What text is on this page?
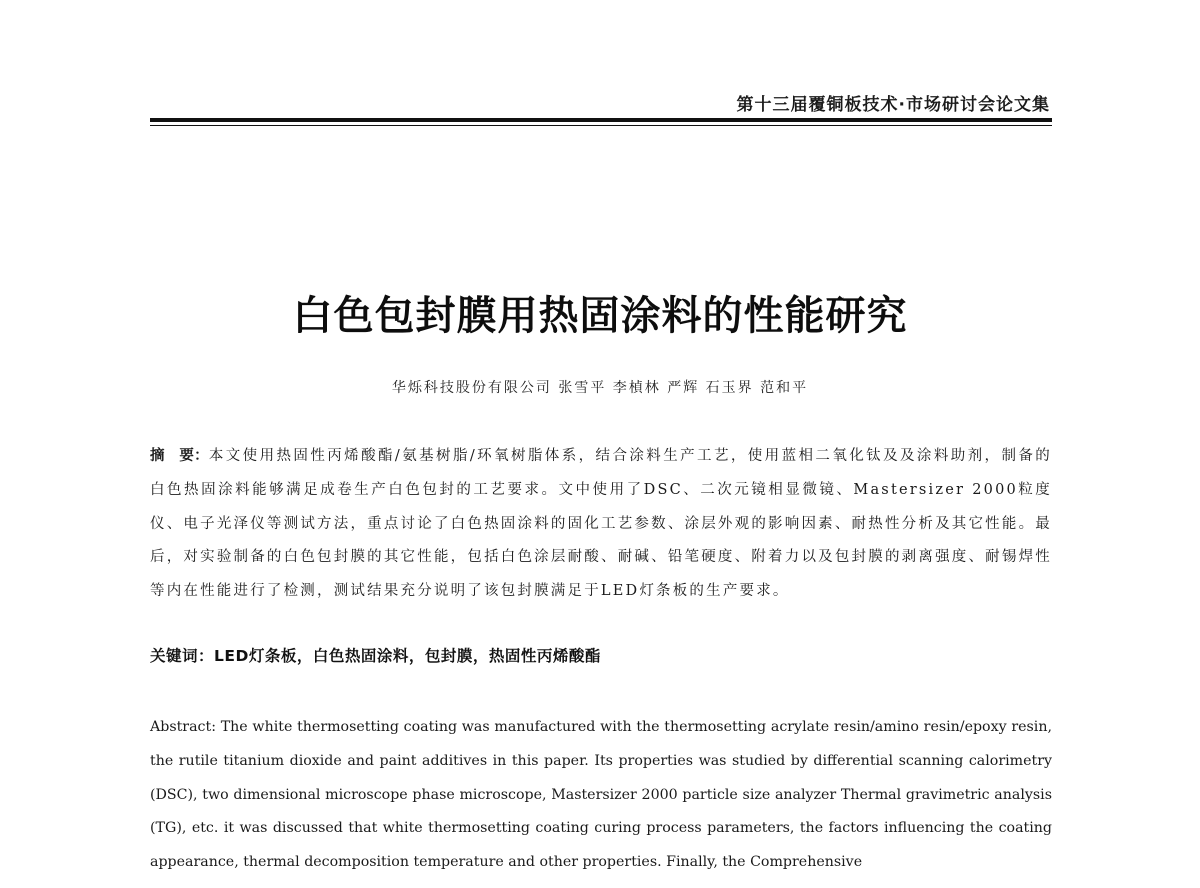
第十三届覆铜板技术·市场研讨会论文集
白色包封膜用热固涂料的性能研究
华烁科技股份有限公司 张雪平 李楨林 严辉 石玉界 范和平

摘　要：本文使用热固性丙烯酸酯/氨基树脂/环氧树脂体系，结合涂料生产工艺，使用蓝相二氧化钛及及涂料助剂，制备的白色热固涂料能够满足成卷生产白色包封的工艺要求。文中使用了DSC、二次元镜相显微镜、Mastersizer 2000粒度仪、电子光泽仪等测试方法，重点讨论了白色热固涂料的固化工艺参数、涂层外观的影响因素、耐热性分析及其它性能。最后，对实验制备的白色包封膜的其它性能，包括白色涂层耐酸、耐碱、铅笔硬度、附着力以及包封膜的剥离强度、耐锡焊性等内在性能进行了检测，测试结果充分说明了该包封膜满足于LED灯条板的生产要求。

关键词：LED灯条板，白色热固涂料，包封膜，热固性丙烯酸酯

Abstract: The white thermosetting coating was manufactured with the thermosetting acrylate resin/amino resin/epoxy resin, the rutile titanium dioxide and paint additives in this paper. Its properties was studied by differential scanning calorimetry (DSC), two dimensional microscope phase microscope, Mastersizer 2000 particle size analyzer Thermal gravimetric analysis (TG), etc. it was discussed that white thermosetting coating curing process parameters, the factors influencing the coating appearance, thermal decomposition temperature and other properties. Finally, the Comprehensive
